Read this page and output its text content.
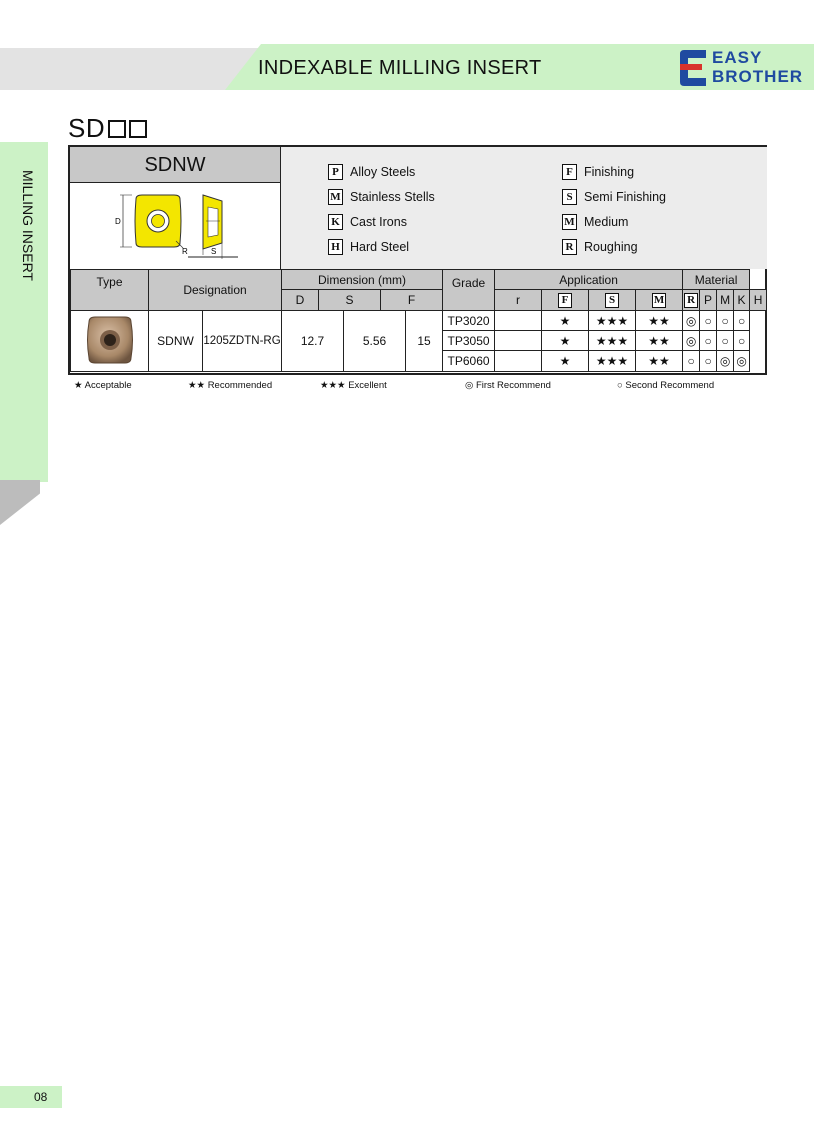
INDEXABLE MILLING INSERT	EASY
BROTHER
MILLING INSERT
SD
SDNW
D
R	S
P Alloy Steels
M Stainless Stells
K Cast Irons
H Hard Steel
F Finishing
S Semi Finishing
M Medium
R Roughing
Type	Designation		Dimension (mm)					Grade	Application				Material				
			D	S		F			r	F	S	M	R	P	M	K	H
	SDNW	1205ZDTN-RG	12.7		5.56		15	TP3020		★	★★★	★★	◎	○	○	○	
								TP3050		★	★★★	★★	◎	○	○	○	
								TP6060		★	★★★	★★	○	○	◎	◎	
★ Acceptable	★★ Recommended	★★★ Excellent	◎ First Recommend	○ Second Recommend
08
